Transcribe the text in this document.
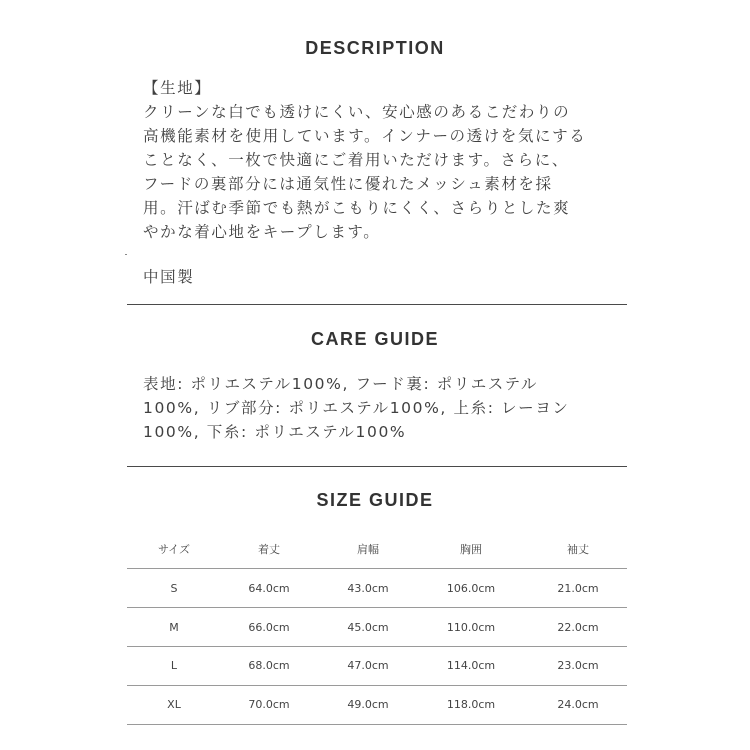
DESCRIPTION
【生地】
クリーンな白でも透けにくい、安心感のあるこだわりの
高機能素材を使用しています。インナーの透けを気にする
ことなく、一枚で快適にご着用いただけます。さらに、
フードの裏部分には通気性に優れたメッシュ素材を採
用。汗ばむ季節でも熱がこもりにくく、さらりとした爽
やかな着心地をキープします。
中国製
CARE GUIDE
表地: ポリエステル100%, フード裏: ポリエステル
100%, リブ部分: ポリエステル100%, 上糸: レーヨン
100%, 下糸: ポリエステル100%
SIZE GUIDE
サイズ	着丈	肩幅	胸囲	袖丈
S	64.0cm	43.0cm	106.0cm	21.0cm
M	66.0cm	45.0cm	110.0cm	22.0cm
L	68.0cm	47.0cm	114.0cm	23.0cm
XL	70.0cm	49.0cm	118.0cm	24.0cm
